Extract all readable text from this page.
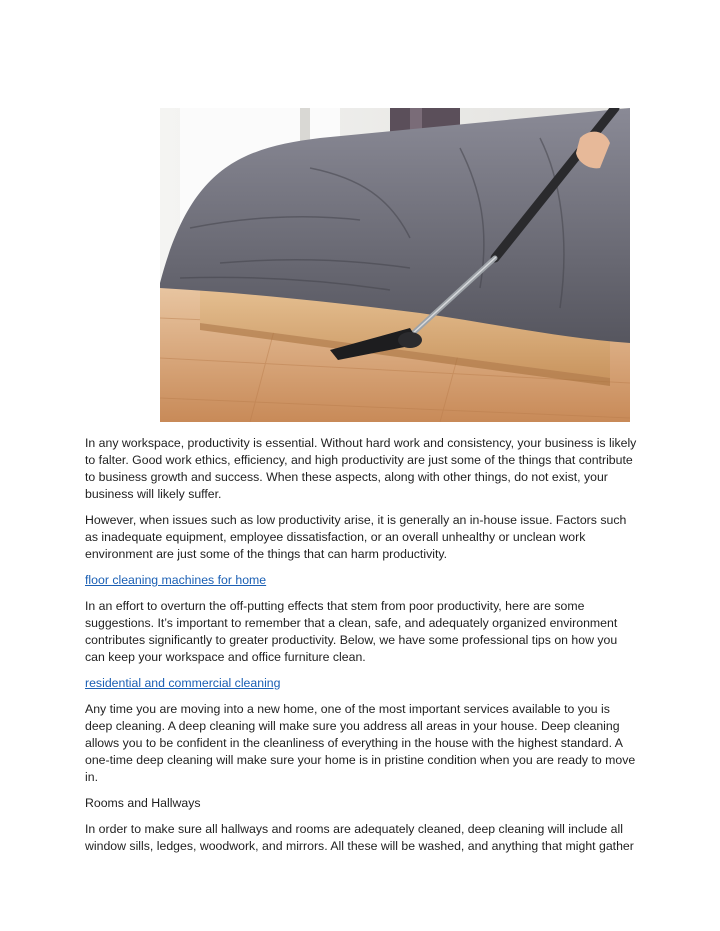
In any workspace, productivity is essential. Without hard work and consistency, your business is likely to falter. Good work ethics, efficiency, and high productivity are just some of the things that contribute to business growth and success. When these aspects, along with other things, do not exist, your business will likely suffer.

However, when issues such as low productivity arise, it is generally an in-house issue. Factors such as inadequate equipment, employee dissatisfaction, or an overall unhealthy or unclean work environment are just some of the things that can harm productivity.

floor cleaning machines for home

In an effort to overturn the off-putting effects that stem from poor productivity, here are some suggestions. It’s important to remember that a clean, safe, and adequately organized environment contributes significantly to greater productivity. Below, we have some professional tips on how you can keep your workspace and office furniture clean.

residential and commercial cleaning

Any time you are moving into a new home, one of the most important services available to you is deep cleaning. A deep cleaning will make sure you address all areas in your house. Deep cleaning allows you to be confident in the cleanliness of everything in the house with the highest standard. A one-time deep cleaning will make sure your home is in pristine condition when you are ready to move in.

Rooms and Hallways

In order to make sure all hallways and rooms are adequately cleaned, deep cleaning will include all window sills, ledges, woodwork, and mirrors. All these will be washed, and anything that might gather
